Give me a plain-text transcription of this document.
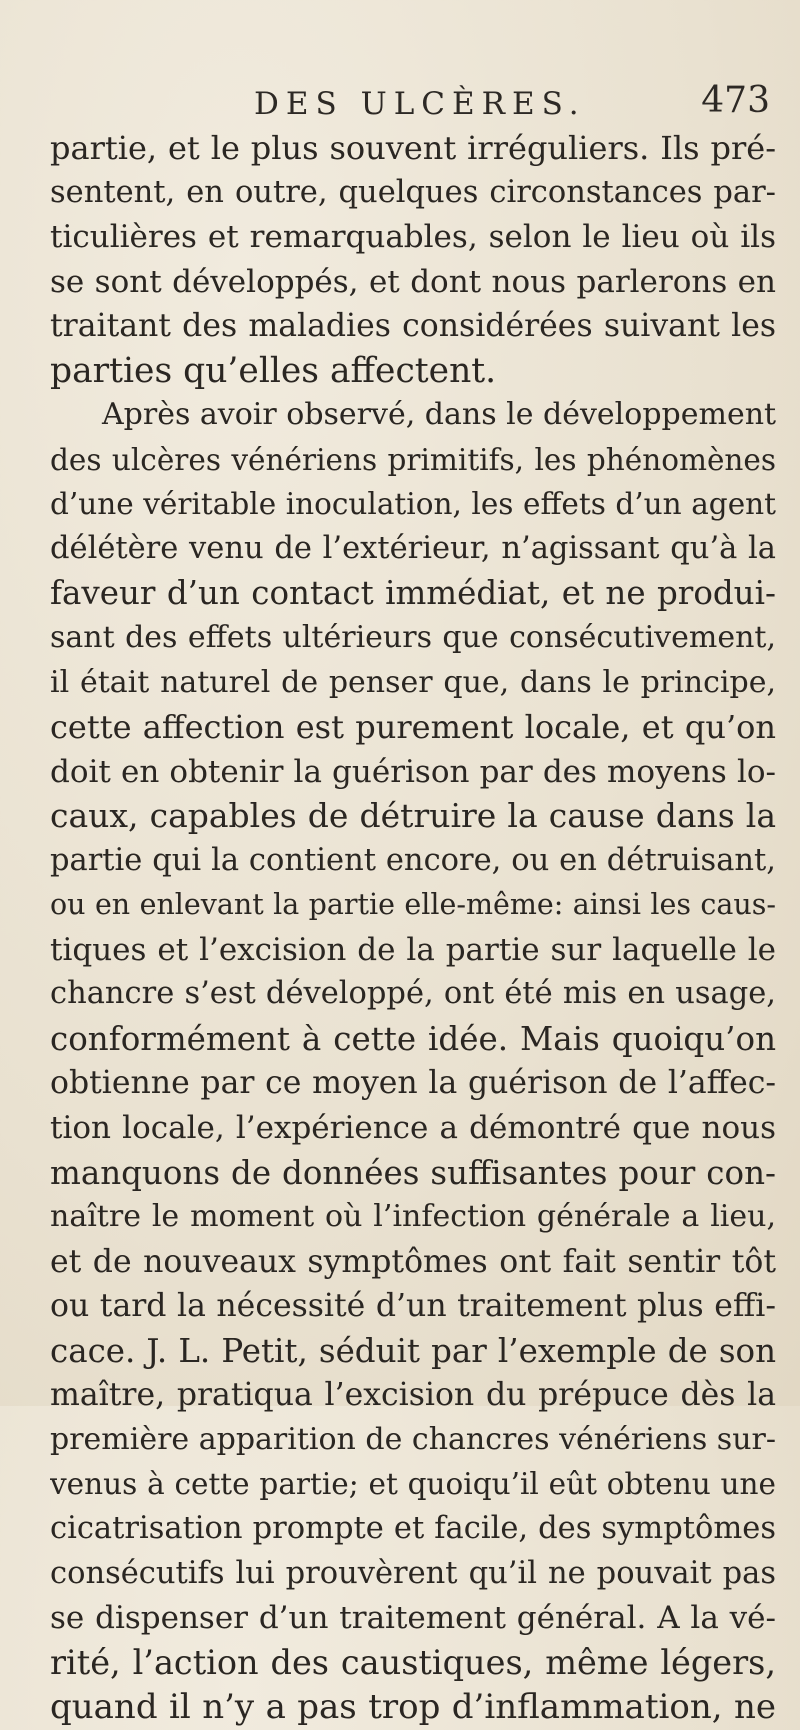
DES ULCÈRES.	473
partie, et le plus souvent irréguliers. Ils pré-
sentent, en outre, quelques circonstances par-
ticulières et remarquables, selon le lieu où ils
se sont développés, et dont nous parlerons en
traitant des maladies considérées suivant les
parties qu’elles affectent.
Après avoir observé, dans le développement
des ulcères vénériens primitifs, les phénomènes
d’une véritable inoculation, les effets d’un agent
délétère venu de l’extérieur, n’agissant qu’à la
faveur d’un contact immédiat, et ne produi-
sant des effets ultérieurs que consécutivement,
il était naturel de penser que, dans le principe,
cette affection est purement locale, et qu’on
doit en obtenir la guérison par des moyens lo-
caux, capables de détruire la cause dans la
partie qui la contient encore, ou en détruisant,
ou en enlevant la partie elle-même: ainsi les caus-
tiques et l’excision de la partie sur laquelle le
chancre s’est développé, ont été mis en usage,
conformément à cette idée. Mais quoiqu’on
obtienne par ce moyen la guérison de l’affec-
tion locale, l’expérience a démontré que nous
manquons de données suffisantes pour con-
naître le moment où l’infection générale a lieu,
et de nouveaux symptômes ont fait sentir tôt
ou tard la nécessité d’un traitement plus effi-
cace. J. L. Petit, séduit par l’exemple de son
maître, pratiqua l’excision du prépuce dès la
première apparition de chancres vénériens sur-
venus à cette partie; et quoiqu’il eût obtenu une
cicatrisation prompte et facile, des symptômes
consécutifs lui prouvèrent qu’il ne pouvait pas
se dispenser d’un traitement général. A la vé-
rité, l’action des caustiques, même légers,
quand il n’y a pas trop d’inflammation, ne
